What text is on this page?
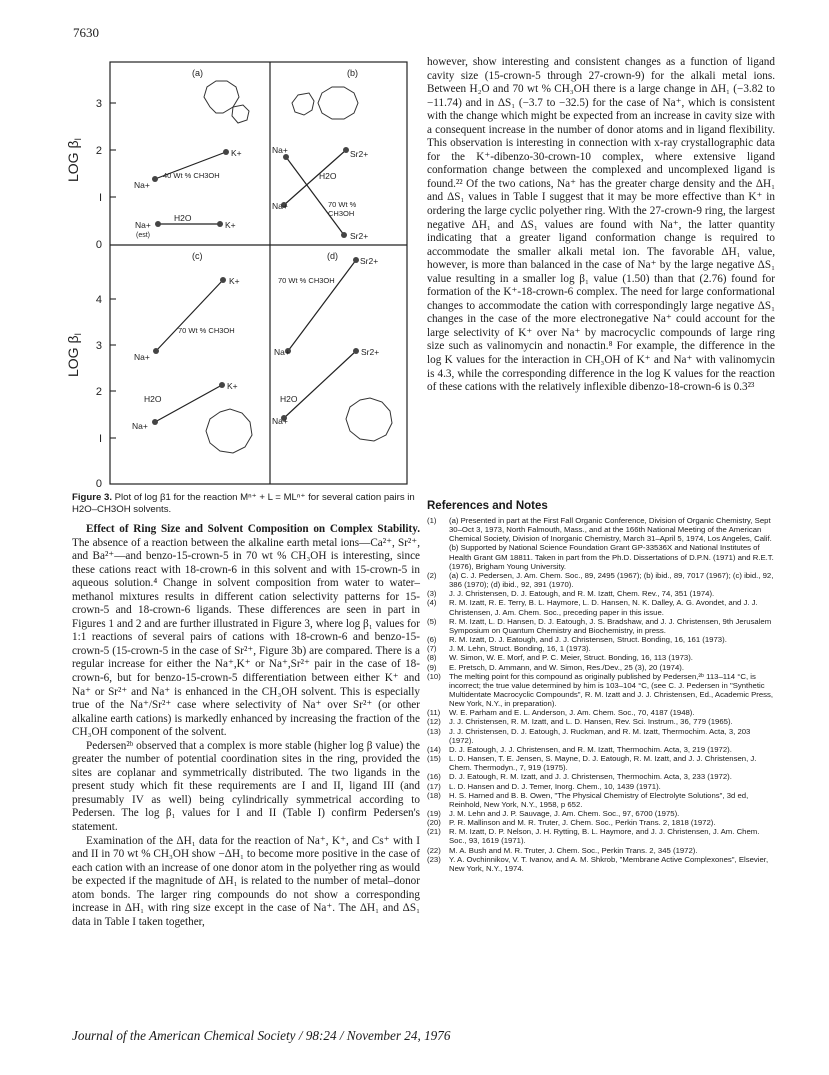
7630
3
2
I
0
4
3
2
I
0
LOG $\beta_I$
LOG $\beta_I$
(a)
K+
Na+
40 Wt % CH3OH
H2O
Na+
(est)
K+
(b)
Na+	Sr2+
H2O
70 Wt %
CH3OH
Na+
Sr2+
(c)
K+
70 Wt % CH3OH
Na+
K+
H2O
Na+
(d)	Sr2+
70 Wt % CH3OH
Na+	Sr2+
H2O
Na+
Figure 3. Plot of log β1 for the reaction Mⁿ⁺ + L = MLⁿ⁺ for several cation pairs in H2O–CH3OH solvents.

Effect of Ring Size and Solvent Composition on Complex Stability. The absence of a reaction between the alkaline earth metal ions—Ca²⁺, Sr²⁺, and Ba²⁺—and benzo-15-crown-5 in 70 wt % CH₃OH is interesting, since these cations react with 18-crown-6 in this solvent and with 15-crown-5 in aqueous solution.⁴ Change in solvent composition from water to water–methanol mixtures results in different cation selectivity patterns for 15-crown-5 and 18-crown-6 ligands. These differences are seen in part in Figures 1 and 2 and are further illustrated in Figure 3, where log β₁ values for 1:1 reactions of several pairs of cations with 18-crown-6 and benzo-15-crown-5 (15-crown-5 in the case of Sr²⁺, Figure 3b) are compared. There is a regular increase for either the Na⁺,K⁺ or Na⁺,Sr²⁺ pair in the case of 18-crown-6, but for benzo-15-crown-5 differentiation between either K⁺ and Na⁺ or Sr²⁺ and Na⁺ is enhanced in the CH₃OH solvent. This is especially true of the Na⁺/Sr²⁺ case where selectivity of Na⁺ over Sr²⁺ (or other alkaline earth cations) is markedly enhanced by increasing the fraction of the CH₃OH component of the solvent.

Pedersen²ᵇ observed that a complex is more stable (higher log β value) the greater the number of potential coordination sites in the ring, provided the sites are coplanar and symmetrically distributed. The two ligands in the present study which fit these requirements are I and II, ligand III (and presumably IV as well) being cylindrically symmetrical according to Pedersen. The log β₁ values for I and II (Table I) confirm Pedersen's statement.

Examination of the ΔH₁ data for the reaction of Na⁺, K⁺, and Cs⁺ with I and II in 70 wt % CH₃OH show −ΔH₁ to become more positive in the case of each cation with an increase of one donor atom in the polyether ring as would be expected if the magnitude of ΔH₁ is related to the number of metal–donor atom bonds. The larger ring compounds do not show a corresponding increase in ΔH₁ with ring size except in the case of Na⁺. The ΔH₁ and ΔS₁ data in Table I taken together,

however, show interesting and consistent changes as a function of ligand cavity size (15-crown-5 through 27-crown-9) for the alkali metal ions. Between H₂O and 70 wt % CH₃OH there is a large change in ΔH₁ (−3.82 to −11.74) and in ΔS₁ (−3.7 to −32.5) for the case of Na⁺, which is consistent with the change which might be expected from an increase in cavity size with a consequent increase in the number of donor atoms and in ligand flexibility. This observation is interesting in connection with x-ray crystallographic data for the K⁺-dibenzo-30-crown-10 complex, where extensive ligand conformation change between the complexed and uncomplexed ligand is found.²² Of the two cations, Na⁺ has the greater charge density and the ΔH₁ and ΔS₁ values in Table I suggest that it may be more effective than K⁺ in ordering the large cyclic polyether ring. With the 27-crown-9 ring, the largest negative ΔH₁ and ΔS₁ values are found with Na⁺, the latter quantity indicating that a greater ligand conformation change is required to accommodate the smaller alkali metal ion. The favorable ΔH₁ value, however, is more than balanced in the case of Na⁺ by the large negative ΔS₁ value resulting in a smaller log β₁ value (1.50) than that (2.76) found for formation of the K⁺-18-crown-6 complex. The need for large conformational changes to accommodate the cation with correspondingly large negative ΔS₁ changes in the case of the more electronegative Na⁺ could account for the large selectivity of K⁺ over Na⁺ by macrocyclic compounds of large ring size such as valinomycin and nonactin.⁸ For example, the difference in the log K values for the interaction in CH₃OH of K⁺ and Na⁺ with valinomycin is 4.3, while the corresponding difference in the log K values for the reaction of these cations with the relatively inflexible dibenzo-18-crown-6 is 0.3²³

References and Notes
(1) (a) Presented in part at the First Fall Organic Conference, Division of Organic Chemistry, Sept 30–Oct 3, 1973, North Falmouth, Mass., and at the 166th National Meeting of the American Chemical Society, Division of Inorganic Chemistry, March 31–April 5, 1974, Los Angeles, Calif. (b) Supported by National Science Foundation Grant GP-33536X and National Institutes of Health Grant GM 18811. Taken in part from the Ph.D. Dissertations of D.P.N. (1971) and R.E.T. (1976), Brigham Young University.
(2) (a) C. J. Pedersen, J. Am. Chem. Soc., 89, 2495 (1967); (b) ibid., 89, 7017 (1967); (c) ibid., 92, 386 (1970); (d) ibid., 92, 391 (1970).
(3) J. J. Christensen, D. J. Eatough, and R. M. Izatt, Chem. Rev., 74, 351 (1974).
(4) R. M. Izatt, R. E. Terry, B. L. Haymore, L. D. Hansen, N. K. Dalley, A. G. Avondet, and J. J. Christensen, J. Am. Chem. Soc., preceding paper in this issue.
(5) R. M. Izatt, L. D. Hansen, D. J. Eatough, J. S. Bradshaw, and J. J. Christensen, 9th Jerusalem Symposium on Quantum Chemistry and Biochemistry, in press.
(6) R. M. Izatt, D. J. Eatough, and J. J. Christensen, Struct. Bonding, 16, 161 (1973).
(7) J. M. Lehn, Struct. Bonding, 16, 1 (1973).
(8) W. Simon, W. E. Morf, and P. C. Meier, Struct. Bonding, 16, 113 (1973).
(9) E. Pretsch, D. Ammann, and W. Simon, Res./Dev., 25 (3), 20 (1974).
(10) The melting point for this compound as originally published by Pedersen,²ᵇ 113–114 °C, is incorrect; the true value determined by him is 103–104 °C, (see C. J. Pedersen in "Synthetic Multidentate Macrocyclic Compounds", R. M. Izatt and J. J. Christensen, Ed., Academic Press, New York, N.Y., in preparation).
(11) W. E. Parham and E. L. Anderson, J. Am. Chem. Soc., 70, 4187 (1948).
(12) J. J. Christensen, R. M. Izatt, and L. D. Hansen, Rev. Sci. Instrum., 36, 779 (1965).
(13) J. J. Christensen, D. J. Eatough, J. Ruckman, and R. M. Izatt, Thermochim. Acta, 3, 203 (1972).
(14) D. J. Eatough, J. J. Christensen, and R. M. Izatt, Thermochim. Acta, 3, 219 (1972).
(15) L. D. Hansen, T. E. Jensen, S. Mayne, D. J. Eatough, R. M. Izatt, and J. J. Christensen, J. Chem. Thermodyn., 7, 919 (1975).
(16) D. J. Eatough, R. M. Izatt, and J. J. Christensen, Thermochim. Acta, 3, 233 (1972).
(17) L. D. Hansen and D. J. Temer, Inorg. Chem., 10, 1439 (1971).
(18) H. S. Harned and B. B. Owen, "The Physical Chemistry of Electrolyte Solutions", 3d ed, Reinhold, New York, N.Y., 1958, p 652.
(19) J. M. Lehn and J. P. Sauvage, J. Am. Chem. Soc., 97, 6700 (1975).
(20) P. R. Mallinson and M. R. Truter, J. Chem. Soc., Perkin Trans. 2, 1818 (1972).
(21) R. M. Izatt, D. P. Nelson, J. H. Rytting, B. L. Haymore, and J. J. Christensen, J. Am. Chem. Soc., 93, 1619 (1971).
(22) M. A. Bush and M. R. Truter, J. Chem. Soc., Perkin Trans. 2, 345 (1972).
(23) Y. A. Ovchinnikov, V. T. Ivanov, and A. M. Shkrob, "Membrane Active Complexones", Elsevier, New York, N.Y., 1974.
Journal of the American Chemical Society / 98:24 / November 24, 1976
